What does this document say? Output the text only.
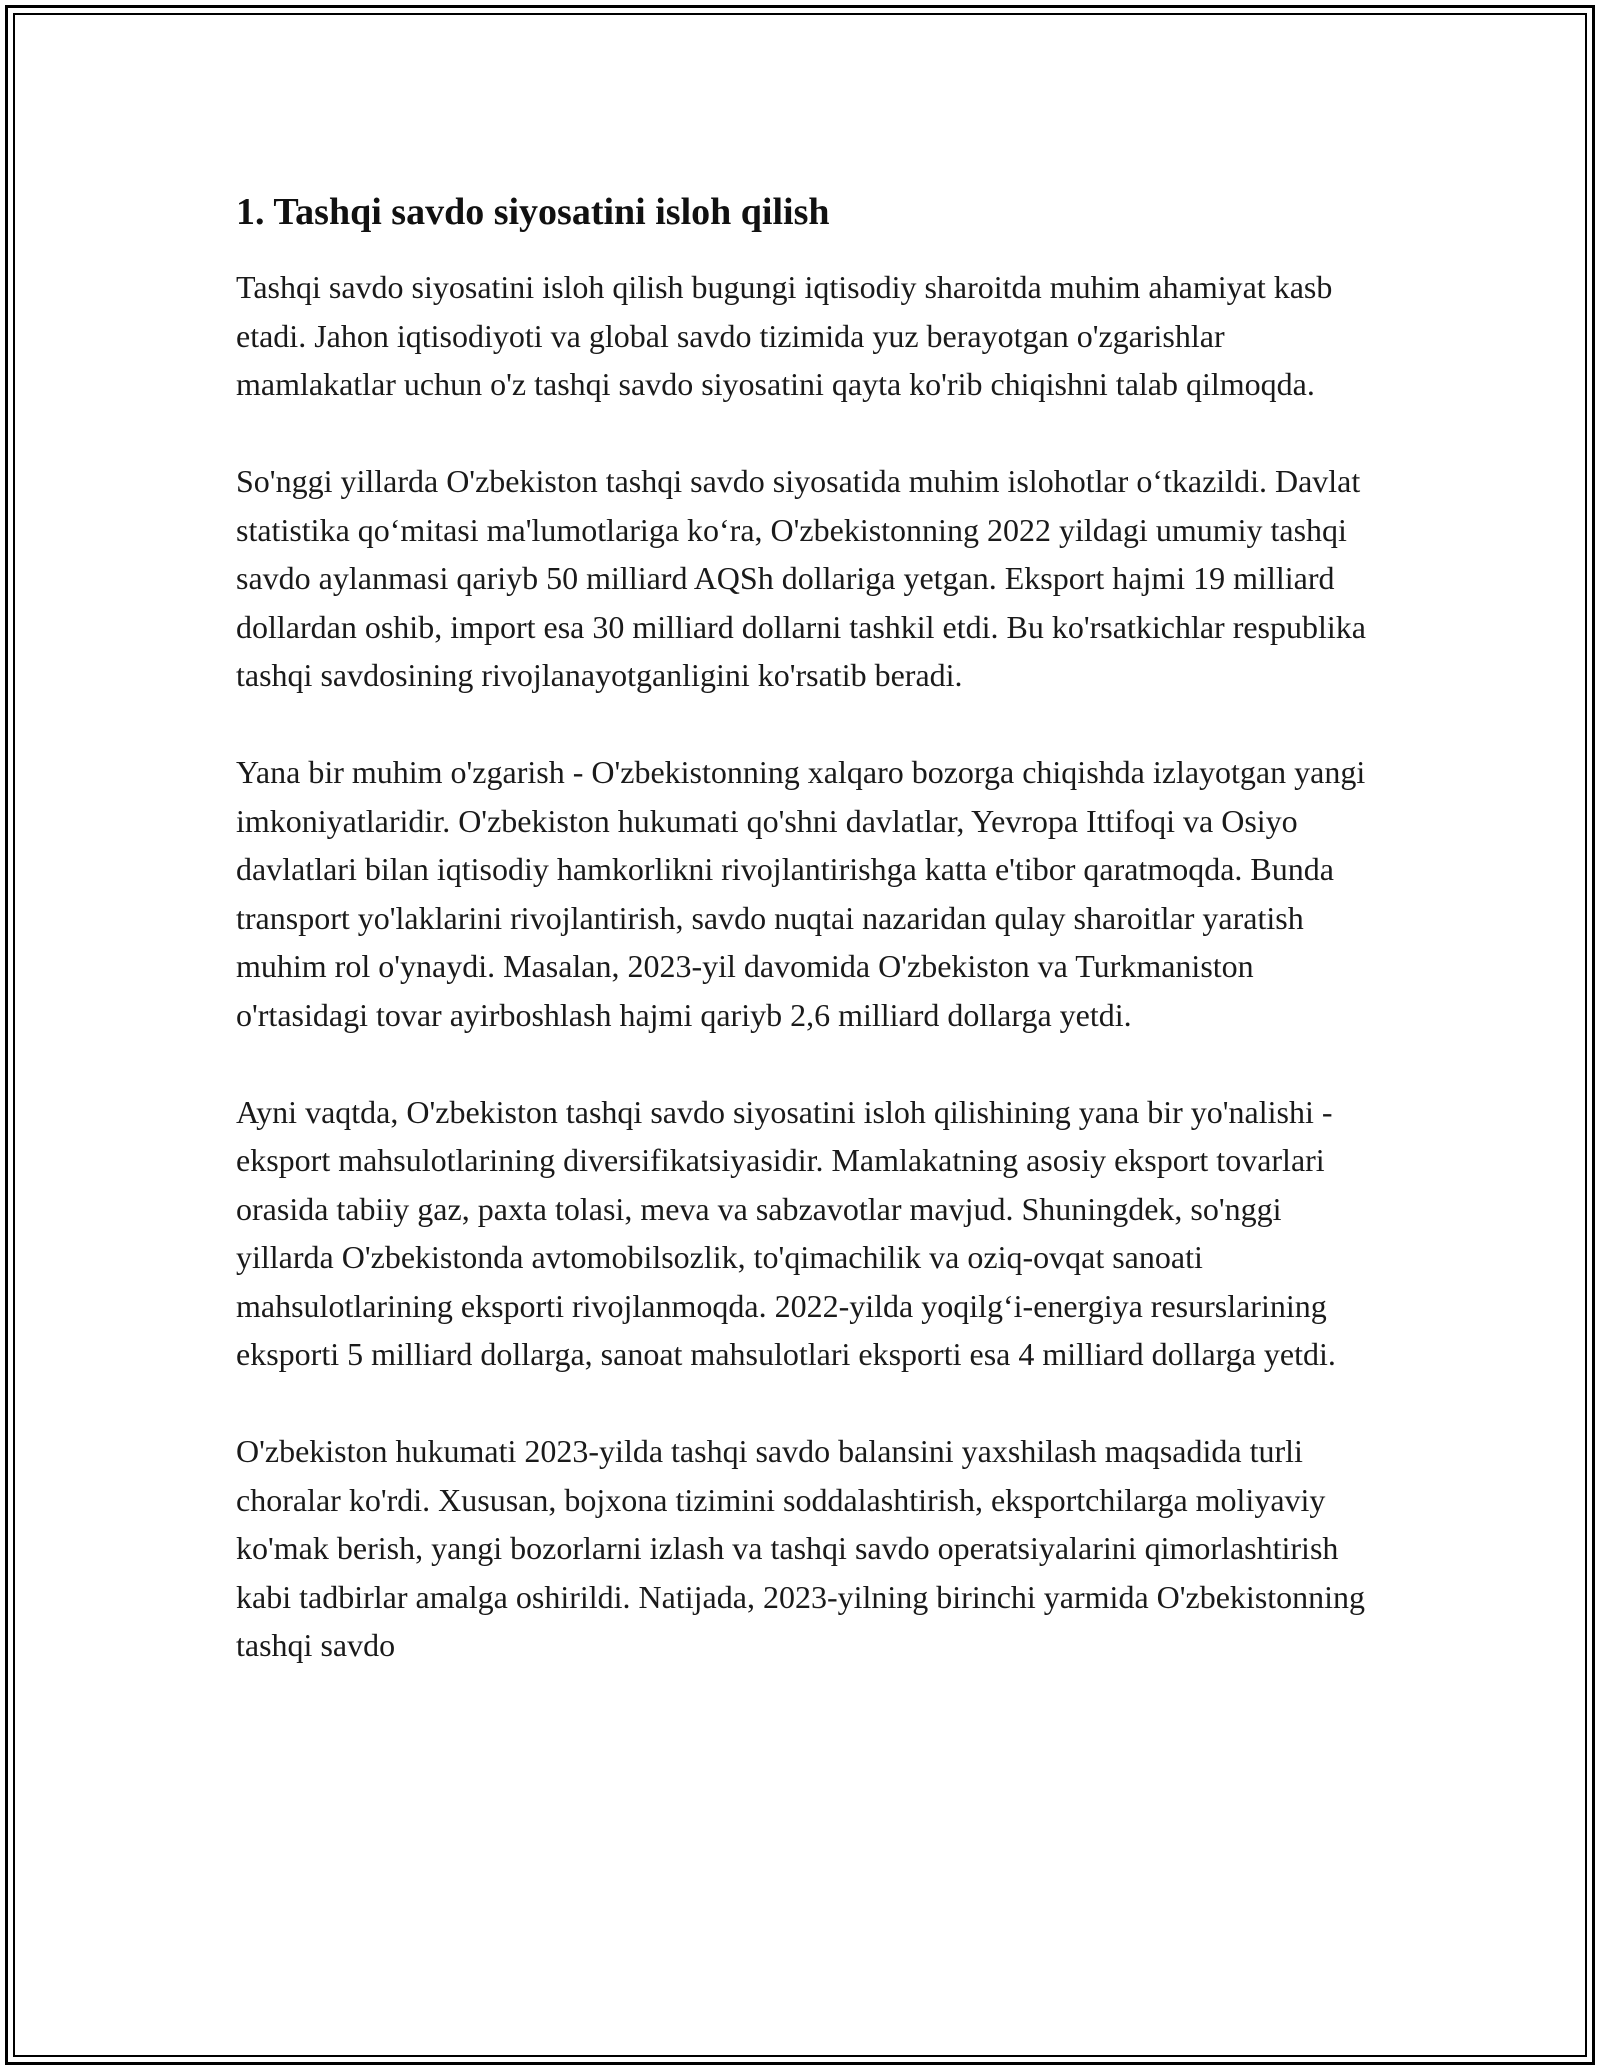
1. Tashqi savdo siyosatini isloh qilish

Tashqi savdo siyosatini isloh qilish bugungi iqtisodiy sharoitda muhim ahamiyat kasb etadi. Jahon iqtisodiyoti va global savdo tizimida yuz berayotgan o'zgarishlar mamlakatlar uchun o'z tashqi savdo siyosatini qayta ko'rib chiqishni talab qilmoqda.

So'nggi yillarda O'zbekiston tashqi savdo siyosatida muhim islohotlar o‘tkazildi. Davlat statistika qo‘mitasi ma'lumotlariga ko‘ra, O'zbekistonning 2022 yildagi umumiy tashqi savdo aylanmasi qariyb 50 milliard AQSh dollariga yetgan. Eksport hajmi 19 milliard dollardan oshib, import esa 30 milliard dollarni tashkil etdi. Bu ko'rsatkichlar respublika tashqi savdosining rivojlanayotganligini ko'rsatib beradi.

Yana bir muhim o'zgarish - O'zbekistonning xalqaro bozorga chiqishda izlayotgan yangi imkoniyatlaridir. O'zbekiston hukumati qo'shni davlatlar, Yevropa Ittifoqi va Osiyo davlatlari bilan iqtisodiy hamkorlikni rivojlantirishga katta e'tibor qaratmoqda. Bunda transport yo'laklarini rivojlantirish, savdo nuqtai nazaridan qulay sharoitlar yaratish muhim rol o'ynaydi. Masalan, 2023-yil davomida O'zbekiston va Turkmaniston o'rtasidagi tovar ayirboshlash hajmi qariyb 2,6 milliard dollarga yetdi.

Ayni vaqtda, O'zbekiston tashqi savdo siyosatini isloh qilishining yana bir yo'nalishi - eksport mahsulotlarining diversifikatsiyasidir. Mamlakatning asosiy eksport tovarlari orasida tabiiy gaz, paxta tolasi, meva va sabzavotlar mavjud. Shuningdek, so'nggi yillarda O'zbekistonda avtomobilsozlik, to'qimachilik va oziq-ovqat sanoati mahsulotlarining eksporti rivojlanmoqda. 2022-yilda yoqilg‘i-energiya resurslarining eksporti 5 milliard dollarga, sanoat mahsulotlari eksporti esa 4 milliard dollarga yetdi.

O'zbekiston hukumati 2023-yilda tashqi savdo balansini yaxshilash maqsadida turli choralar ko'rdi. Xususan, bojxona tizimini soddalashtirish, eksportchilarga moliyaviy ko'mak berish, yangi bozorlarni izlash va tashqi savdo operatsiyalarini qimorlashtirish kabi tadbirlar amalga oshirildi. Natijada, 2023-yilning birinchi yarmida O'zbekistonning tashqi savdo
